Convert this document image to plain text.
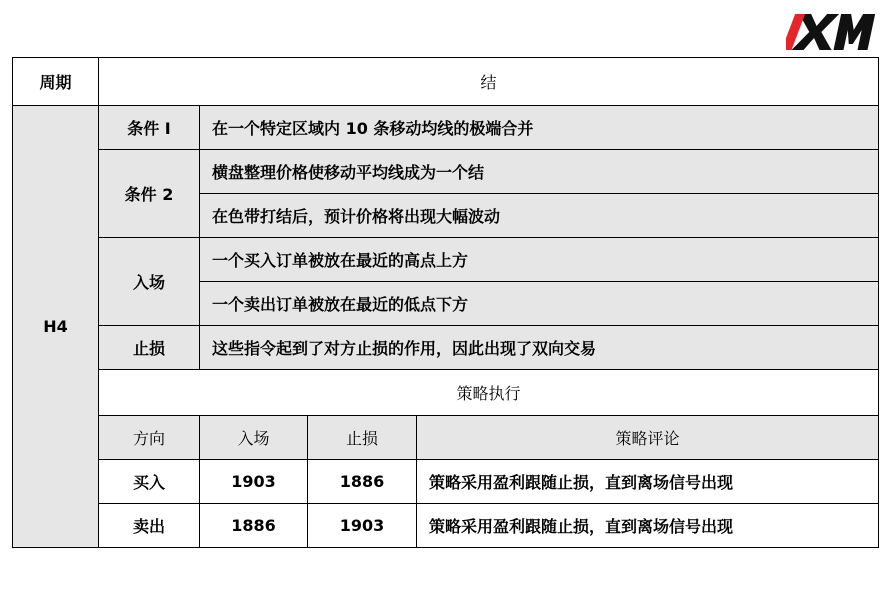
周期	结			
H4	条件 I	在一个特定区域内 10 条移动均线的极端合并		
	条件 2	横盘整理价格使移动平均线成为一个结		
		在色带打结后，预计价格将出现大幅波动		
	入场	一个买入订单被放在最近的高点上方		
		一个卖出订单被放在最近的低点下方		
	止损	这些指令起到了对方止损的作用，因此出现了双向交易		
	策略执行			
	方向	入场	止损	策略评论
	买入	1903	1886	策略采用盈利跟随止损，直到离场信号出现
	卖出	1886	1903	策略采用盈利跟随止损，直到离场信号出现
